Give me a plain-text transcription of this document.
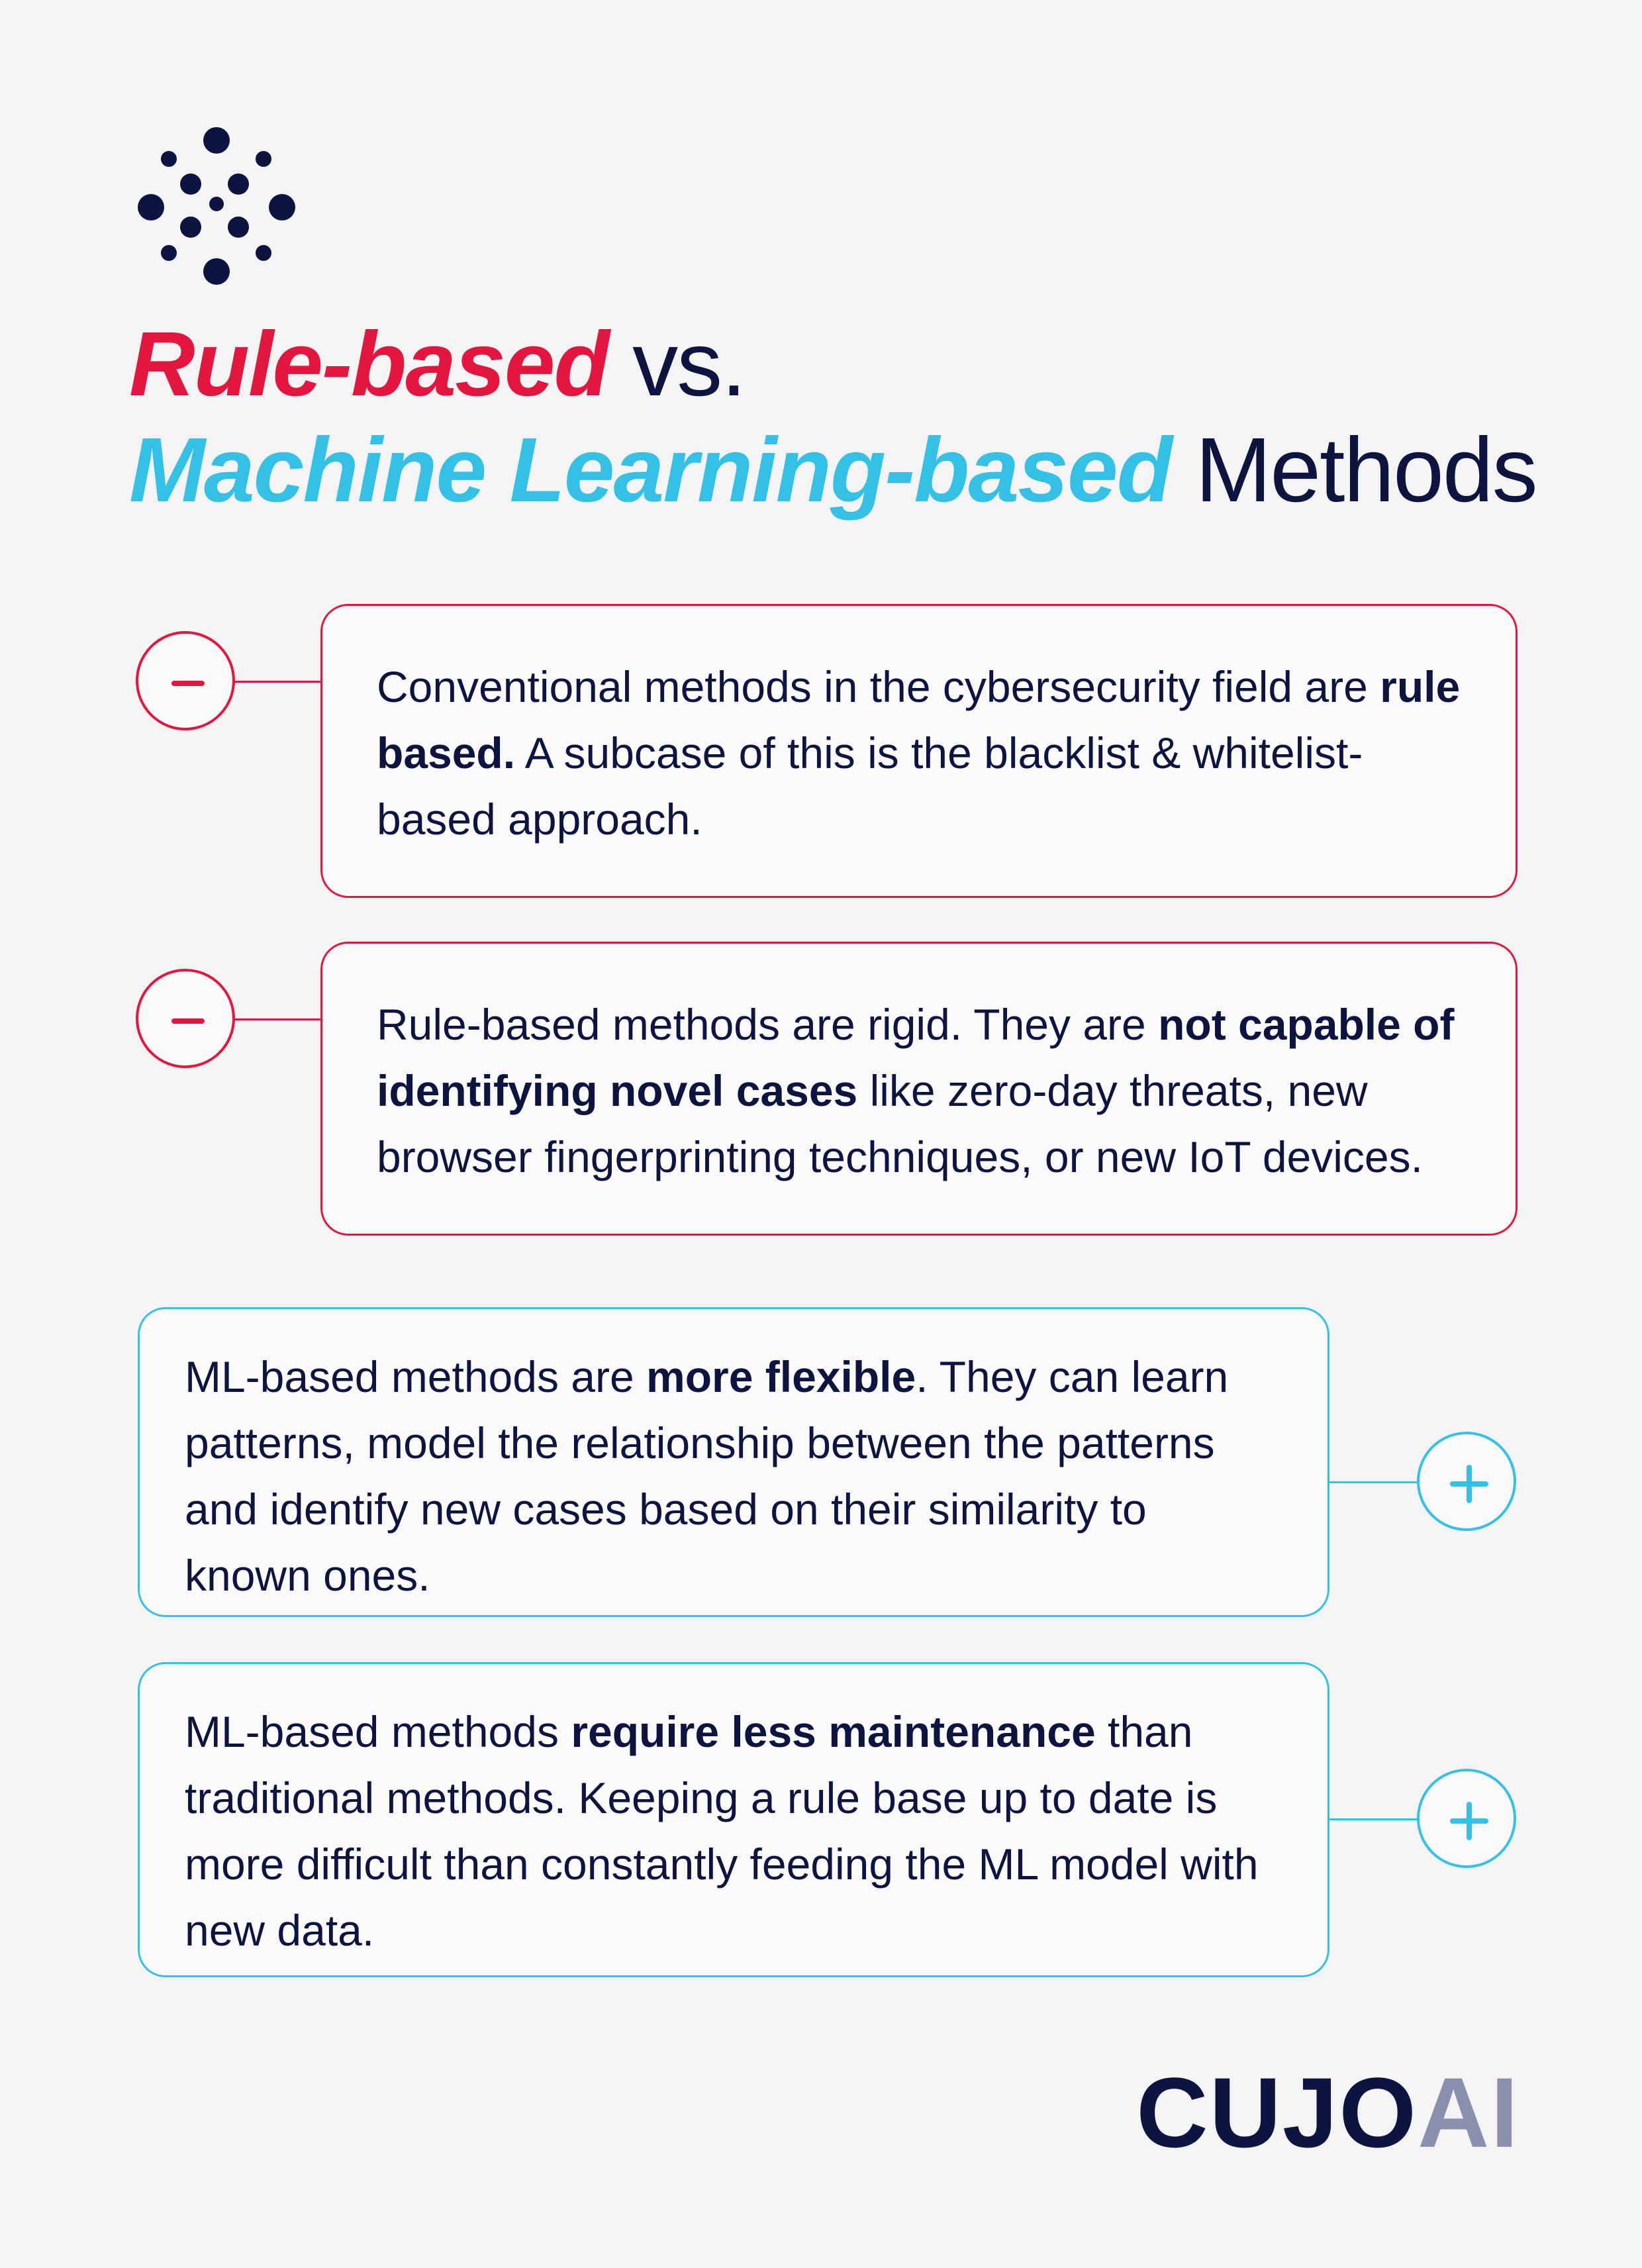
Rule-based vs.
Machine Learning-based Methods
Conventional methods in the cybersecurity field are rule based. A subcase of this is the blacklist & whitelist-based approach.
Rule-based methods are rigid. They are not capable of identifying novel cases like zero-day threats, new browser fingerprinting techniques, or new IoT devices.
ML-based methods are more flexible. They can learn patterns, model the relationship between the patterns and identify new cases based on their similarity to known ones.
ML-based methods require less maintenance than traditional methods. Keeping a rule base up to date is more difficult than constantly feeding the ML model with new data.
CUJOAI
